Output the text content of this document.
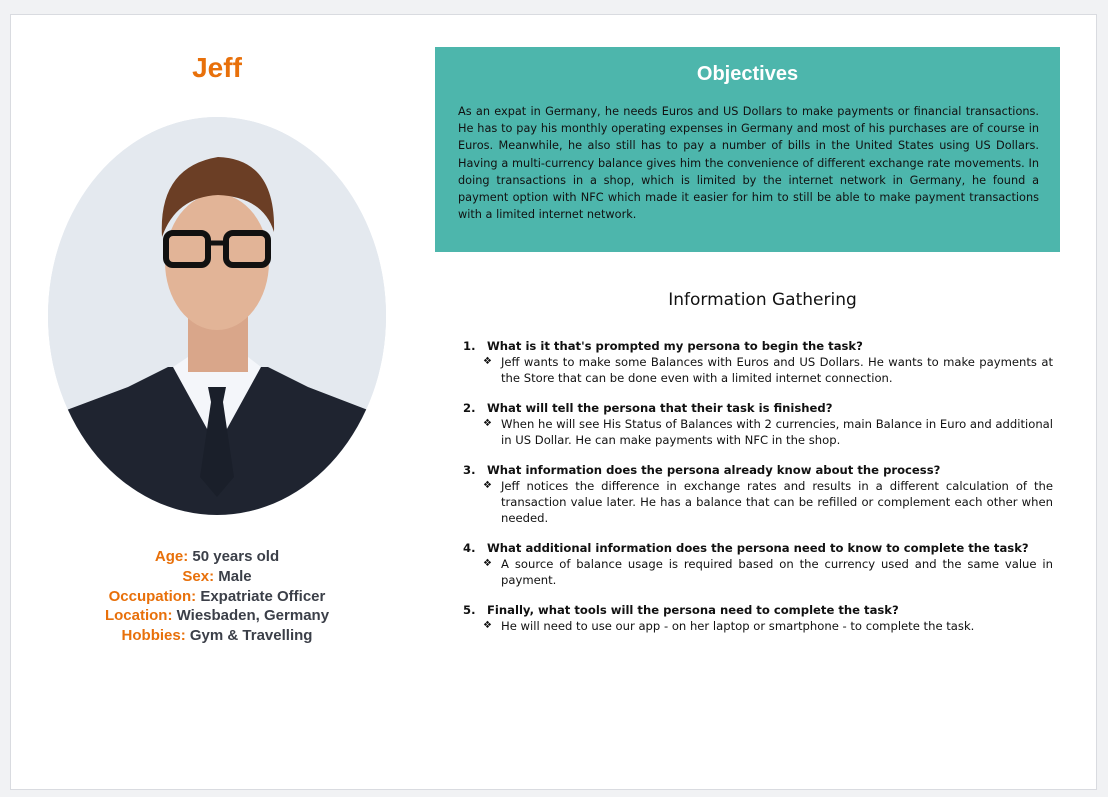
Jeff
Age: 50 years old
Sex: Male
Occupation: Expatriate Officer
Location: Wiesbaden, Germany
Hobbies: Gym & Travelling
Objectives

As an expat in Germany, he needs Euros and US Dollars to make payments or financial transactions. He has to pay his monthly operating expenses in Germany and most of his purchases are of course in Euros. Meanwhile, he also still has to pay a number of bills in the United States using US Dollars. Having a multi-currency balance gives him the convenience of different exchange rate movements. In doing transactions in a shop, which is limited by the internet network in Germany, he found a payment option with NFC which made it easier for him to still be able to make payment transactions with a limited internet network.

Information Gathering
1. What is it that's prompted my persona to begin the task?
❖ Jeff wants to make some Balances with Euros and US Dollars. He wants to make payments at the Store that can be done even with a limited internet connection.
2. What will tell the persona that their task is finished?
❖ When he will see His Status of Balances with 2 currencies, main Balance in Euro and additional in US Dollar. He can make payments with NFC in the shop.
3. What information does the persona already know about the process?
❖ Jeff notices the difference in exchange rates and results in a different calculation of the transaction value later. He has a balance that can be refilled or complement each other when needed.
4. What additional information does the persona need to know to complete the task?
❖ A source of balance usage is required based on the currency used and the same value in payment.
5. Finally, what tools will the persona need to complete the task?
❖ He will need to use our app - on her laptop or smartphone - to complete the task.
